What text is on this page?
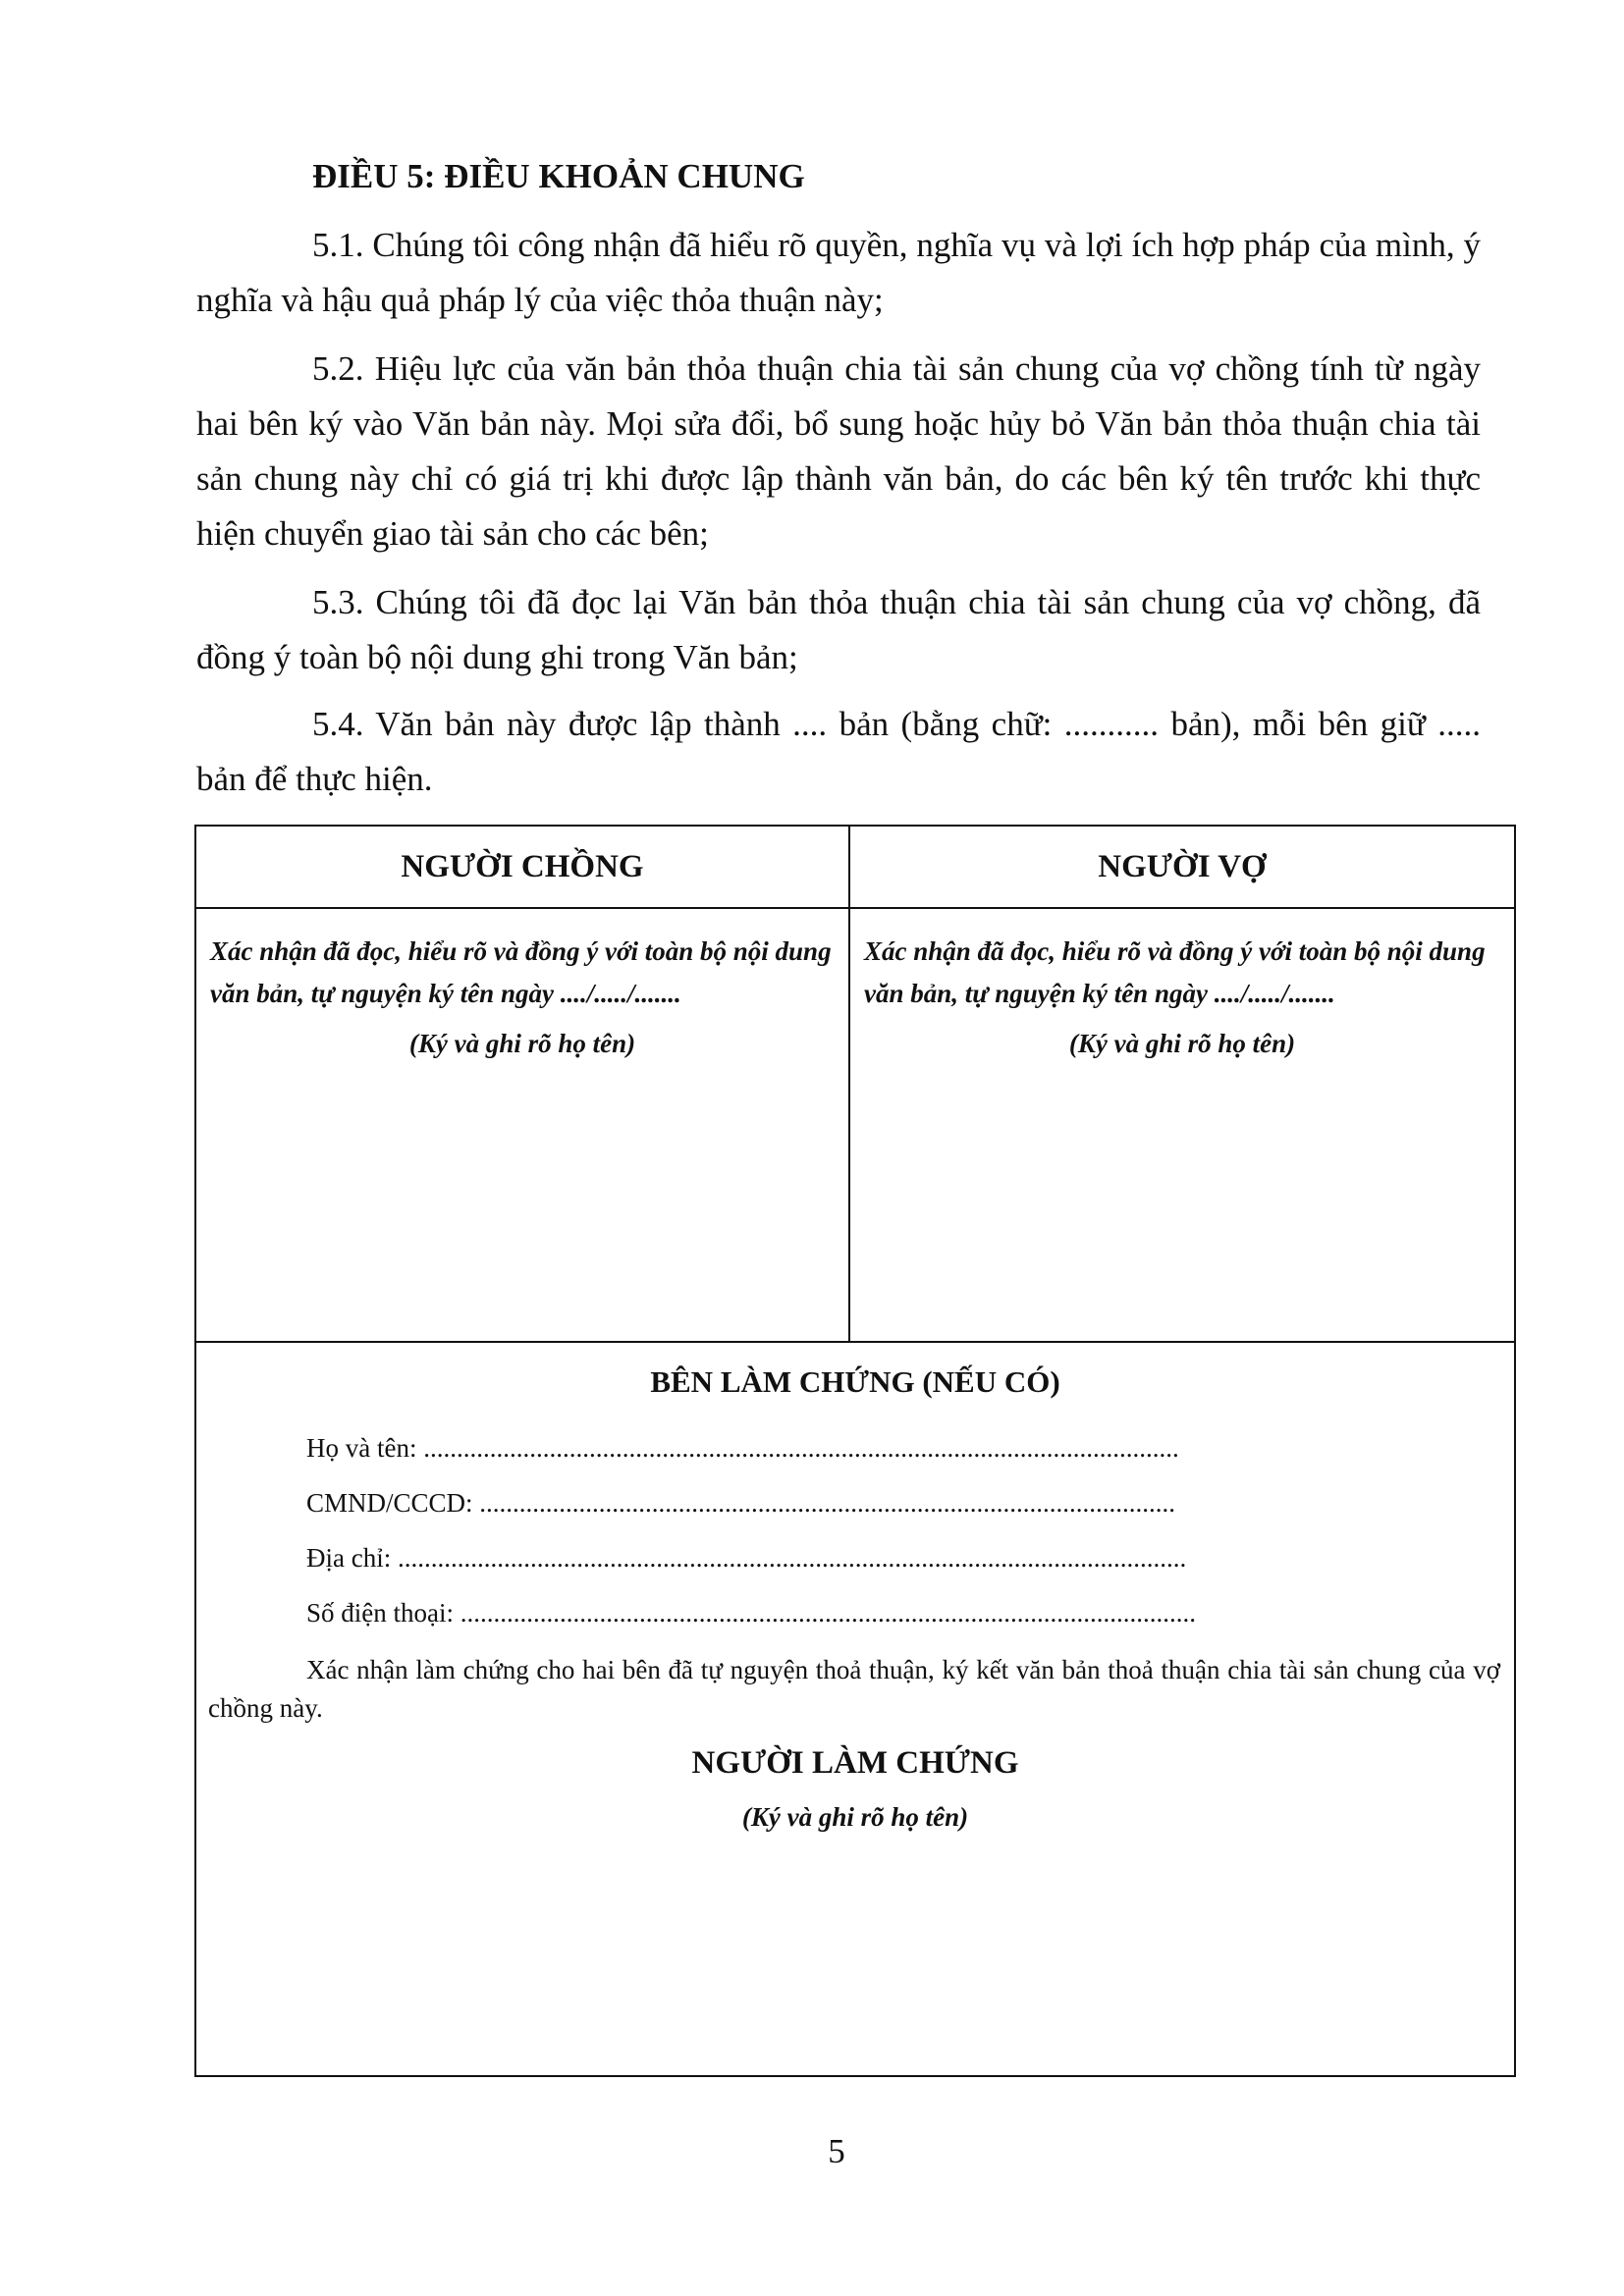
ĐIỀU 5: ĐIỀU KHOẢN CHUNG

5.1. Chúng tôi công nhận đã hiểu rõ quyền, nghĩa vụ và lợi ích hợp pháp của mình, ý nghĩa và hậu quả pháp lý của việc thỏa thuận này;

5.2. Hiệu lực của văn bản thỏa thuận chia tài sản chung của vợ chồng tính từ ngày hai bên ký vào Văn bản này. Mọi sửa đổi, bổ sung hoặc hủy bỏ Văn bản thỏa thuận chia tài sản chung này chỉ có giá trị khi được lập thành văn bản, do các bên ký tên trước khi thực hiện chuyển giao tài sản cho các bên;

5.3. Chúng tôi đã đọc lại Văn bản thỏa thuận chia tài sản chung của vợ chồng, đã đồng ý toàn bộ nội dung ghi trong Văn bản;

5.4. Văn bản này được lập thành .... bản (bằng chữ: ........... bản), mỗi bên giữ ..... bản để thực hiện.

NGƯỜI CHỒNG

Xác nhận đã đọc, hiểu rõ và đồng ý với toàn bộ nội dung văn bản, tự nguyện ký tên ngày ..../...../.......

(Ký và ghi rõ họ tên)

NGƯỜI VỢ

Xác nhận đã đọc, hiểu rõ và đồng ý với toàn bộ nội dung văn bản, tự nguyện ký tên ngày ..../...../.......

(Ký và ghi rõ họ tên)

BÊN LÀM CHỨNG (NẾU CÓ)

Họ và tên: ..................................................................................................................

CMND/CCCD: .........................................................................................................

Địa chỉ: .......................................................................................................................

Số điện thoại: ...............................................................................................................

Xác nhận làm chứng cho hai bên đã tự nguyện thoả thuận, ký kết văn bản thoả thuận chia tài sản chung của vợ chồng này.

NGƯỜI LÀM CHỨNG

(Ký và ghi rõ họ tên)

5
